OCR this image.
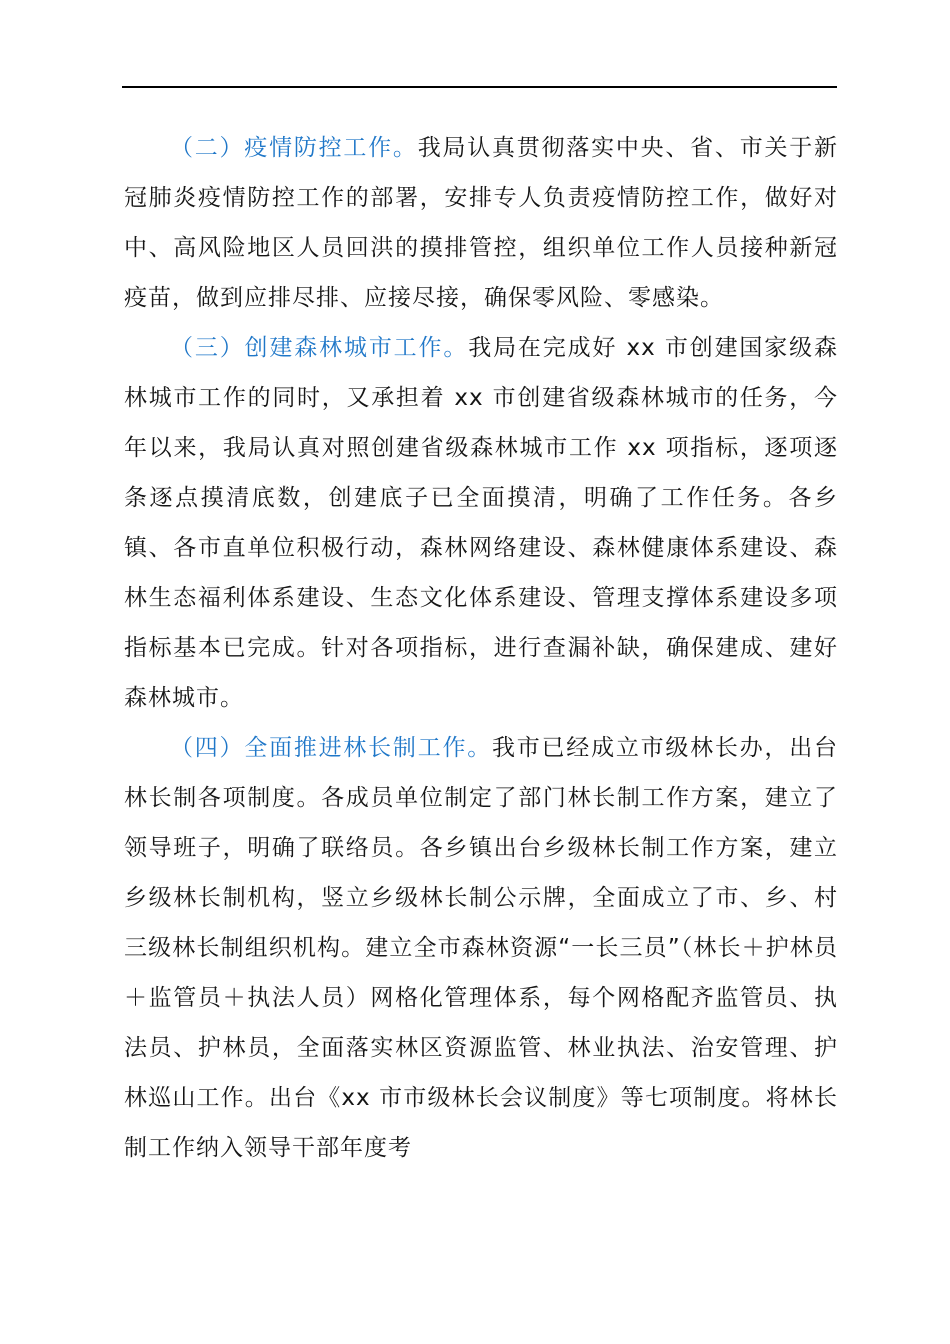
（二）疫情防控工作。我局认真贯彻落实中央、省、市关于新冠肺炎疫情防控工作的部署，安排专人负责疫情防控工作，做好对中、高风险地区人员回洪的摸排管控，组织单位工作人员接种新冠疫苗，做到应排尽排、应接尽接，确保零风险、零感染。

（三）创建森林城市工作。我局在完成好 xx 市创建国家级森林城市工作的同时，又承担着 xx 市创建省级森林城市的任务，今年以来，我局认真对照创建省级森林城市工作 xx 项指标，逐项逐条逐点摸清底数，创建底子已全面摸清，明确了工作任务。各乡镇、各市直单位积极行动，森林网络建设、森林健康体系建设、森林生态福利体系建设、生态文化体系建设、管理支撑体系建设多项指标基本已完成。针对各项指标，进行查漏补缺，确保建成、建好森林城市。

（四）全面推进林长制工作。我市已经成立市级林长办，出台林长制各项制度。各成员单位制定了部门林长制工作方案，建立了领导班子，明确了联络员。各乡镇出台乡级林长制工作方案，建立乡级林长制机构，竖立乡级林长制公示牌，全面成立了市、乡、村三级林长制组织机构。建立全市森林资源“一长三员”（林长＋护林员＋监管员＋执法人员）网格化管理体系，每个网格配齐监管员、执法员、护林员，全面落实林区资源监管、林业执法、治安管理、护林巡山工作。出台《xx 市市级林长会议制度》等七项制度。将林长制工作纳入领导干部年度考
